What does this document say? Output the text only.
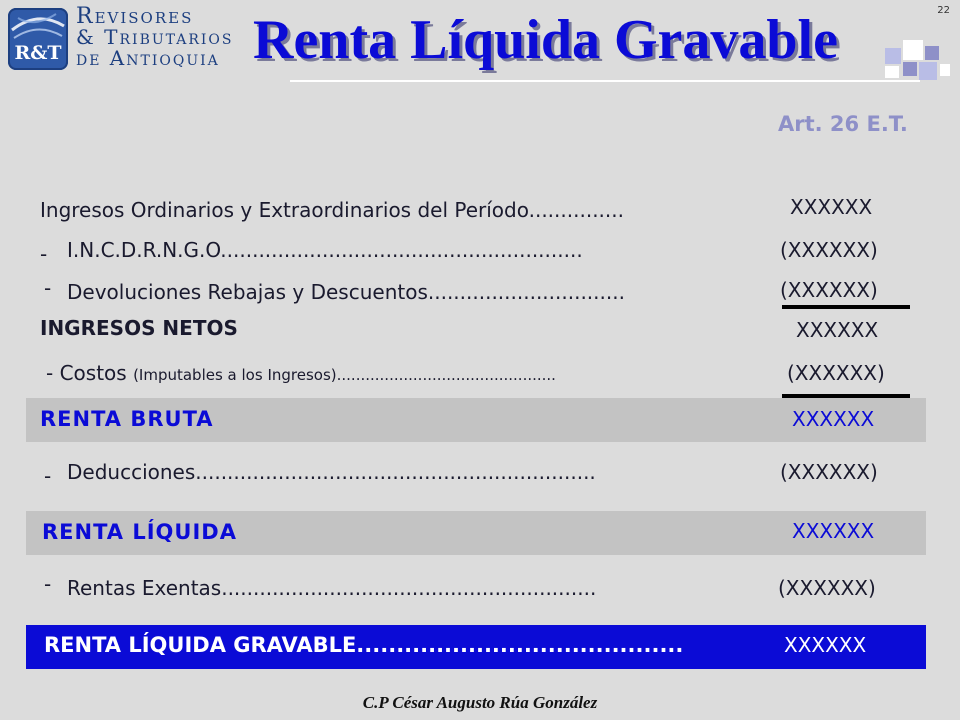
R&T
Revisores
& Tributarios
de Antioquia Renta Líquida Gravable	22
Art. 26 E.T.
Ingresos Ordinarios y Extraordinarios del Período...............	XXXXXX
- I.N.C.D.R.N.G.O.........................................................	(XXXXXX)
- Devoluciones Rebajas y Descuentos...............................	(XXXXXX)
INGRESOS NETOS	XXXXXX
- Costos (Imputables a los Ingresos)..............................................	(XXXXXX)
RENTA BRUTA	XXXXXX
- Deducciones...............................................................	(XXXXXX)
RENTA LÍQUIDA	XXXXXX
- Rentas Exentas...........................................................	(XXXXXX)
RENTA LÍQUIDA GRAVABLE.........................................	XXXXXX
C.P César Augusto Rúa González
